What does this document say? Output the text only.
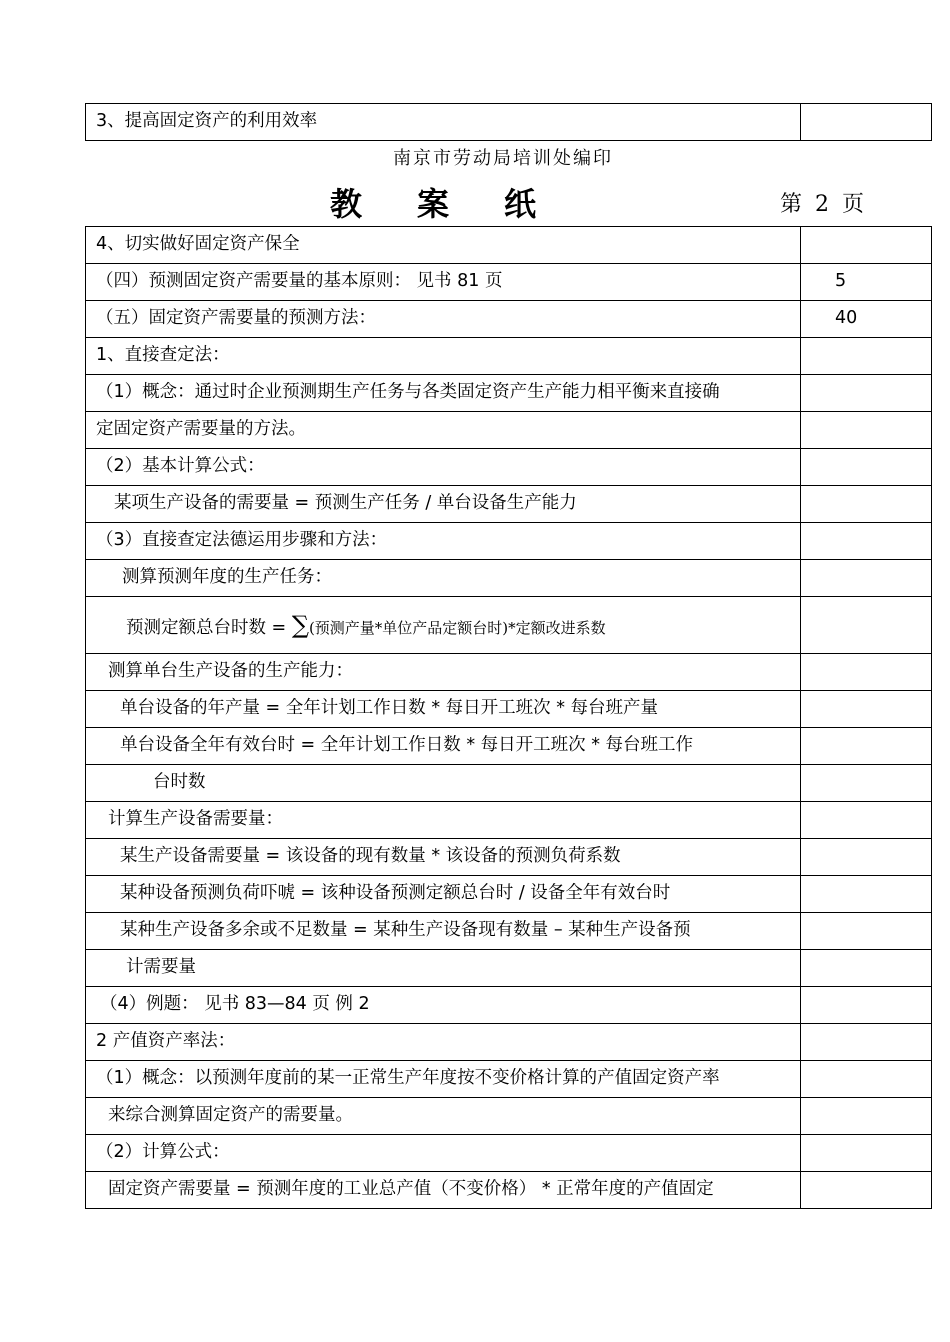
3、提高固定资产的利用效率	
南京市劳动局培训处编印
教 案 纸	第 2 页
4、切实做好固定资产保全	
（四）预测固定资产需要量的基本原则： 见书 81 页	5
（五）固定资产需要量的预测方法：	40
1、直接查定法：	
（1）概念：通过时企业预测期生产任务与各类固定资产生产能力相平衡来直接确	
定固定资产需要量的方法。	
（2）基本计算公式：	
某项生产设备的需要量 = 预测生产任务 / 单台设备生产能力	
（3）直接查定法德运用步骤和方法：	
测算预测年度的生产任务：	
预测定额总台时数 = ∑(预测产量*单位产品定额台时)*定额改进系数	
测算单台生产设备的生产能力：	
单台设备的年产量 = 全年计划工作日数 * 每日开工班次 * 每台班产量	
单台设备全年有效台时 = 全年计划工作日数 * 每日开工班次 * 每台班工作	
台时数	
计算生产设备需要量：	
某生产设备需要量 = 该设备的现有数量 * 该设备的预测负荷系数	
某种设备预测负荷吓唬 = 该种设备预测定额总台时 / 设备全年有效台时	
某种生产设备多余或不足数量 = 某种生产设备现有数量 – 某种生产设备预	
计需要量	
（4）例题： 见书 83—84 页 例 2	
2 产值资产率法：	
（1）概念：以预测年度前的某一正常生产年度按不变价格计算的产值固定资产率	
来综合测算固定资产的需要量。	
（2）计算公式：	
固定资产需要量 = 预测年度的工业总产值（不变价格） * 正常年度的产值固定	
